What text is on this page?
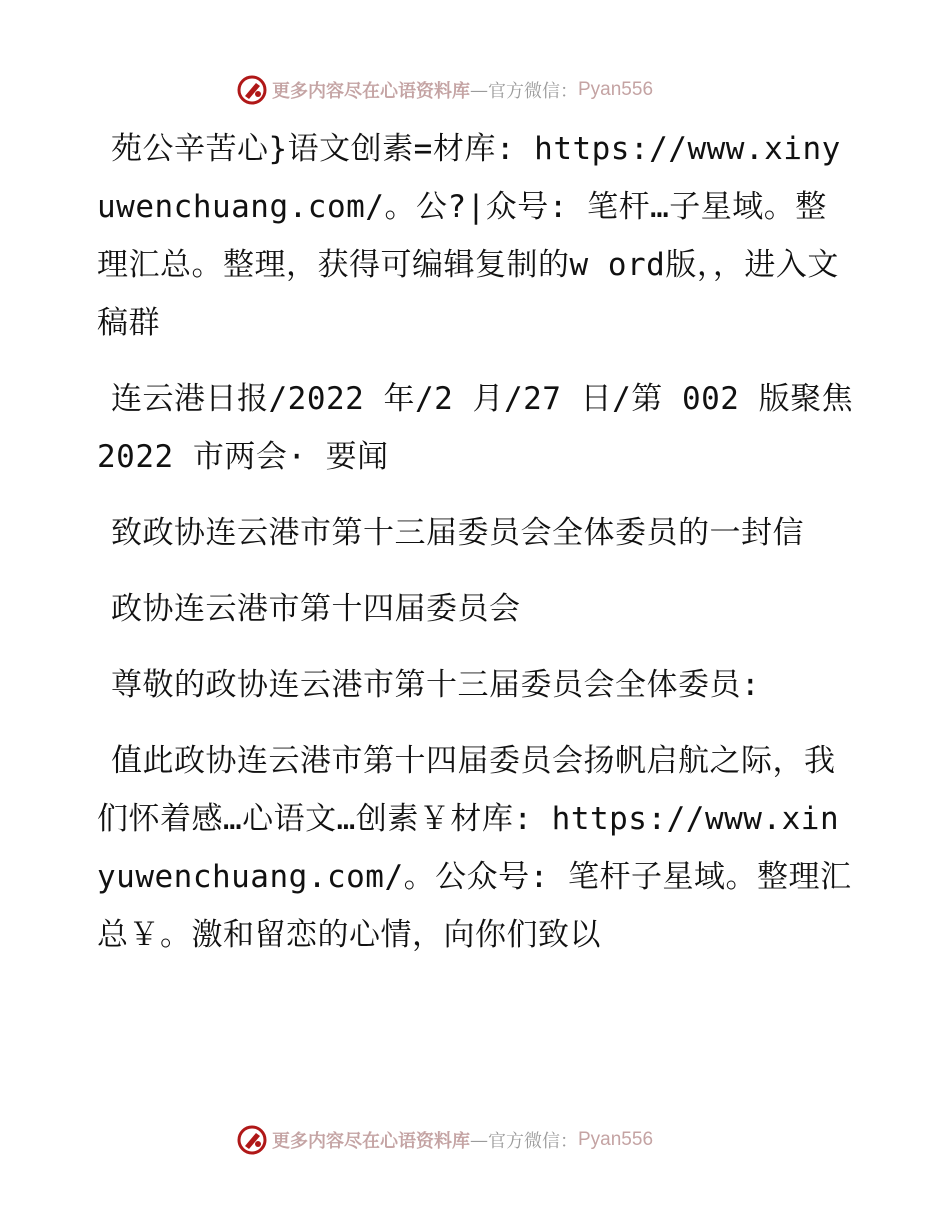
更多内容尽在心语资料库 — 官方微信： Pyan556

苑公辛苦心}语文创素=材库: https://www.xinyuwenchuang.com/。公?|众号: 笔杆…子星域。整理汇总。整理，获得可编辑复制的w ord版，，进入文稿群

连云港日报/2022 年/2 月/27 日/第 002 版聚焦 2022 市两会· 要闻

致政协连云港市第十三届委员会全体委员的一封信

政协连云港市第十四届委员会

尊敬的政协连云港市第十三届委员会全体委员:

值此政协连云港市第十四届委员会扬帆启航之际，我们怀着感…心语文…创素￥材库: https://www.xinyuwenchuang.com/。公众号: 笔杆子星域。整理汇总￥。激和留恋的心情，向你们致以

更多内容尽在心语资料库 — 官方微信： Pyan556
